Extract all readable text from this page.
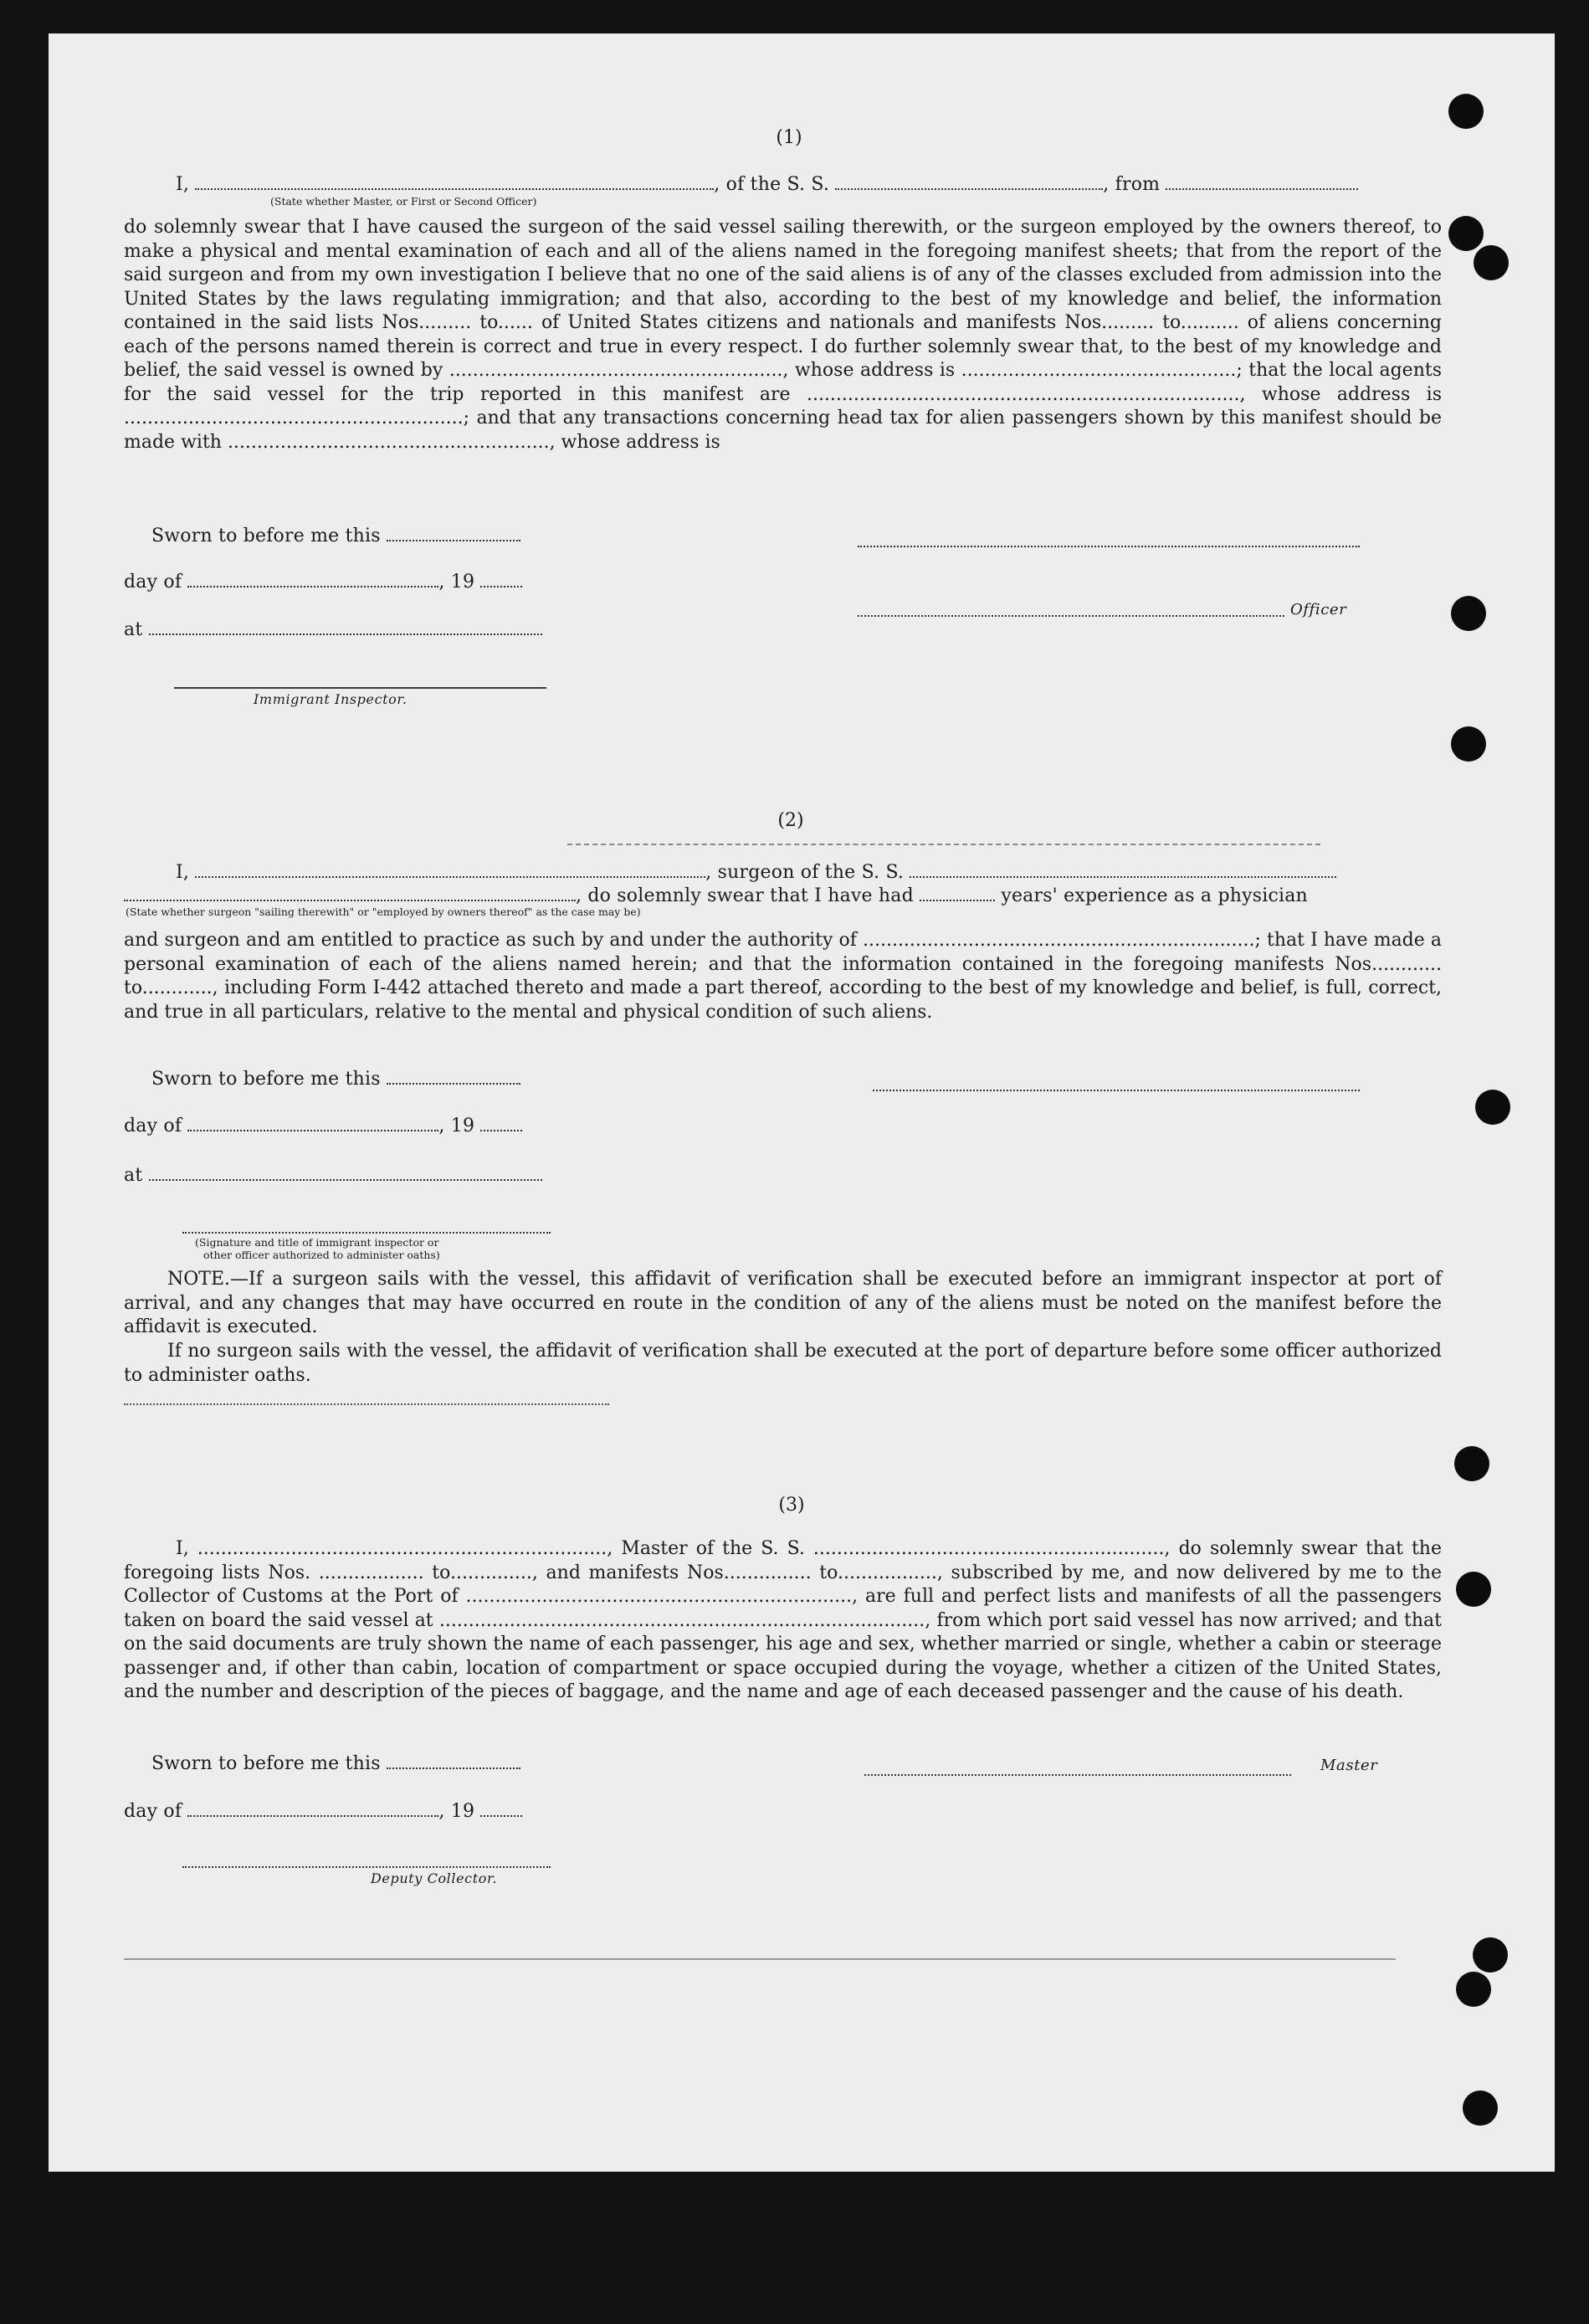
(1)
I,	, of the S. S.	, from
(State whether Master, or First or Second Officer)
do solemnly swear that I have caused the surgeon of the said vessel sailing therewith, or the surgeon employed by the owners thereof, to make a physical and mental examination of each and all of the aliens named in the foregoing manifest sheets; that from the report of the said surgeon and from my own investigation I believe that no one of the said aliens is of any of the classes excluded from admission into the United States by the laws regulating immigration; and that also, according to the best of my knowledge and belief, the information contained in the said lists Nos......... to...... of United States citizens and nationals and manifests Nos......... to.......... of aliens concerning each of the persons named therein is correct and true in every respect. I do further solemnly swear that, to the best of my knowledge and belief, the said vessel is owned by ........................................................., whose address is ...............................................; that the local agents for the said vessel for the trip reported in this manifest are .........................................................................., whose address is ..........................................................; and that any transactions concerning head tax for alien passengers shown by this manifest should be made with ......................................................., whose address is
Sworn to before me this
day of	, 19
Officer
at
Immigrant Inspector.
(2)
I,	, surgeon of the S. S.
, do solemnly swear that I have had	years' experience as a physician
(State whether surgeon "sailing therewith" or "employed by owners thereof" as the case may be)
and surgeon and am entitled to practice as such by and under the authority of ...................................................................; that I have made a personal examination of each of the aliens named herein; and that the information contained in the foregoing manifests Nos............ to............, including Form I-442 attached thereto and made a part thereof, according to the best of my knowledge and belief, is full, correct, and true in all particulars, relative to the mental and physical condition of such aliens.
Sworn to before me this
day of	, 19
at
(Signature and title of immigrant inspector or
other officer authorized to administer oaths)
NOTE.—If a surgeon sails with the vessel, this affidavit of verification shall be executed before an immigrant inspector at port of arrival, and any changes that may have occurred en route in the condition of any of the aliens must be noted on the manifest before the affidavit is executed.
If no surgeon sails with the vessel, the affidavit of verification shall be executed at the port of departure before some officer authorized to administer oaths.
(3)
I, ......................................................................, Master of the S. S. ............................................................, do solemnly swear that the foregoing lists Nos. .................. to.............., and manifests Nos............... to................., subscribed by me, and now delivered by me to the Collector of Customs at the Port of .................................................................., are full and perfect lists and manifests of all the passengers taken on board the said vessel at ..................................................................................., from which port said vessel has now arrived; and that on the said documents are truly shown the name of each passenger, his age and sex, whether married or single, whether a cabin or steerage passenger and, if other than cabin, location of compartment or space occupied during the voyage, whether a citizen of the United States, and the number and description of the pieces of baggage, and the name and age of each deceased passenger and the cause of his death.
Sworn to before me this	Master
day of	, 19
Deputy Collector.
